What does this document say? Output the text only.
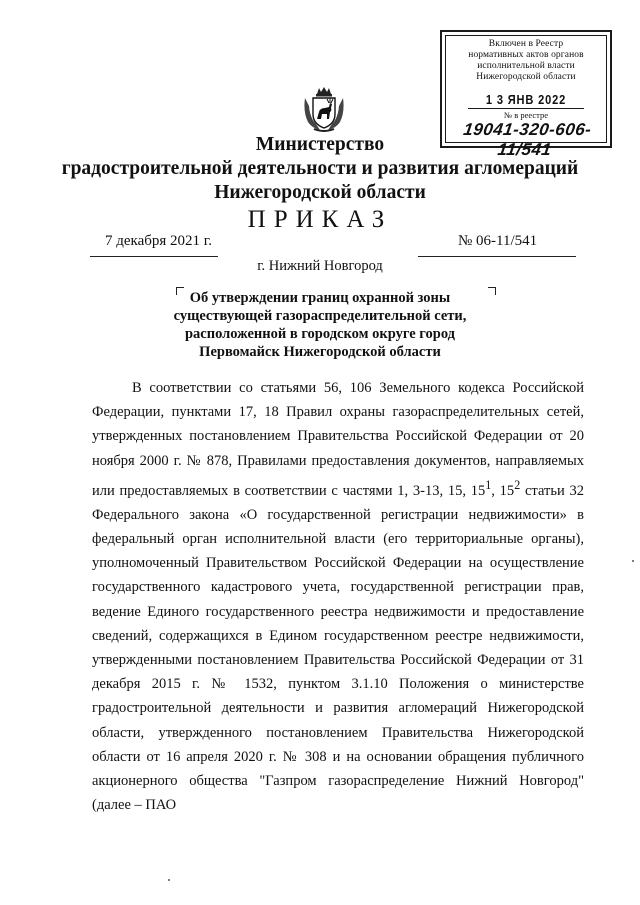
Включен в Реестр
нормативных актов органов
исполнительной власти
Нижегородской области
1 3 ЯНВ 2022
№ в реестре
19041-320-606-11/541
Министерство
градостроительной деятельности и развития агломераций
Нижегородской области
ПРИКАЗ
7 декабря 2021 г.	№ 06-11/541
г. Нижний Новгород
Об утверждении границ охранной зоны
существующей газораспределительной сети,
расположенной в городском округе город
Первомайск Нижегородской области

В соответствии со статьями 56, 106 Земельного кодекса Российской Федерации, пунктами 17, 18 Правил охраны газораспределительных сетей, утвержденных постановлением Правительства Российской Федерации от 20 ноября 2000 г. № 878, Правилами предоставления документов, направляемых или предоставляемых в соответствии с частями 1, 3-13, 15, $15^1$, $15^2$ статьи 32 Федерального закона «О государственной регистрации недвижимости» в федеральный орган исполнительной власти (его территориальные органы), уполномоченный Правительством Российской Федерации на осуществление государственного кадастрового учета, государственной регистрации прав, ведение Единого государственного реестра недвижимости и предоставление сведений, содержащихся в Едином государственном реестре недвижимости, утвержденными постановлением Правительства Российской Федерации от 31 декабря 2015 г. № 1532, пунктом 3.1.10 Положения о министерстве градостроительной деятельности и развития агломераций Нижегородской области, утвержденного постановлением Правительства Нижегородской области от 16 апреля 2020 г. № 308 и на основании обращения публичного акционерного общества "Газпром газораспределение Нижний Новгород" (далее – ПАО
